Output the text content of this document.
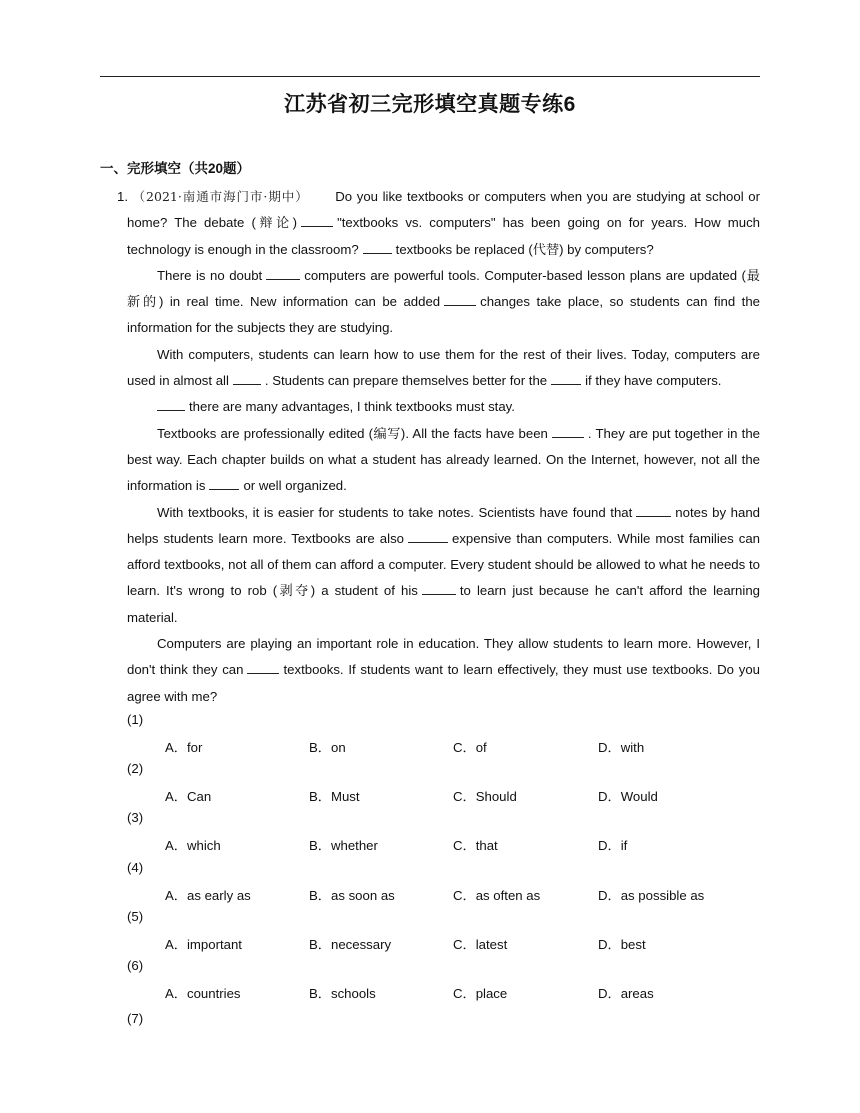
江苏省初三完形填空真题专练6
一、完形填空（共20题）

1. （2021·南通市海门市·期中） Do you like textbooks or computers when you are studying at school or home? The debate (辩论)	"textbooks vs. computers" has been going on for years. How much technology is enough in the classroom?	textbooks be replaced (代替) by computers?

There is no doubt	computers are powerful tools. Computer-based lesson plans are updated (最新的) in real time. New information can be added	changes take place, so students can find the information for the subjects they are studying.

With computers, students can learn how to use them for the rest of their lives. Today, computers are used in almost all	. Students can prepare themselves better for the	if they have computers.

there are many advantages, I think textbooks must stay.

Textbooks are professionally edited (编写). All the facts have been	. They are put together in the best way. Each chapter builds on what a student has already learned. On the Internet, however, not all the information is	or well organized.

With textbooks, it is easier for students to take notes. Scientists have found that	notes by hand helps students learn more. Textbooks are also	expensive than computers. While most families can afford textbooks, not all of them can afford a computer. Every student should be allowed to what he needs to learn. It's wrong to rob (剥夺) a student of his	to learn just because he can't afford the learning material.

Computers are playing an important role in education. They allow students to learn more. However, I don't think they can	textbooks. If students want to learn effectively, they must use textbooks. Do you agree with me?

(1)
A．for	B．on	C．of	D．with
(2)
A．Can	B．Must	C．Should	D．Would
(3)
A．which	B．whether	C．that	D．if
(4)
A．as early as	B．as soon as	C．as often as	D．as possible as
(5)
A．important	B．necessary	C．latest	D．best
(6)
A．countries	B．schools	C．place	D．areas
(7)
